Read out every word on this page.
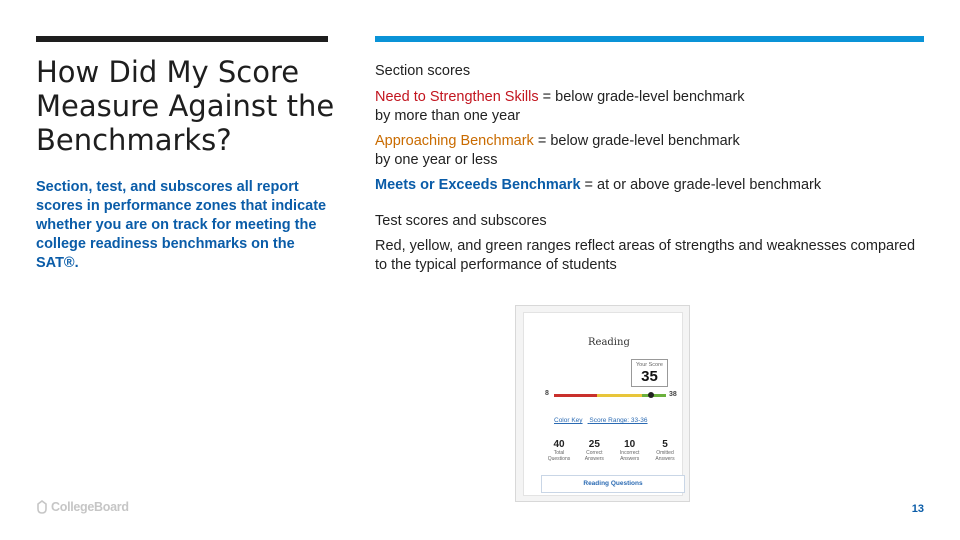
How Did My Score Measure Against the Benchmarks?
Section, test, and subscores all report scores in performance zones that indicate whether you are on track for meeting the college readiness benchmarks on the SAT®.
CollegeBoard
Section scores
Need to Strengthen Skills = below grade-level benchmark
by more than one year
Approaching Benchmark = below grade-level benchmark
by one year or less
Meets or Exceeds Benchmark = at or above grade-level benchmark
Test scores and subscores
Red, yellow, and green ranges reflect areas of strengths and weaknesses compared to the typical performance of students
Reading
Your Score
35
8	38
Color Key Score Range: 33-36
40
Total Questions
25
Correct Answers
10
Incorrect Answers
5
Omitted Answers
Reading Questions
13
